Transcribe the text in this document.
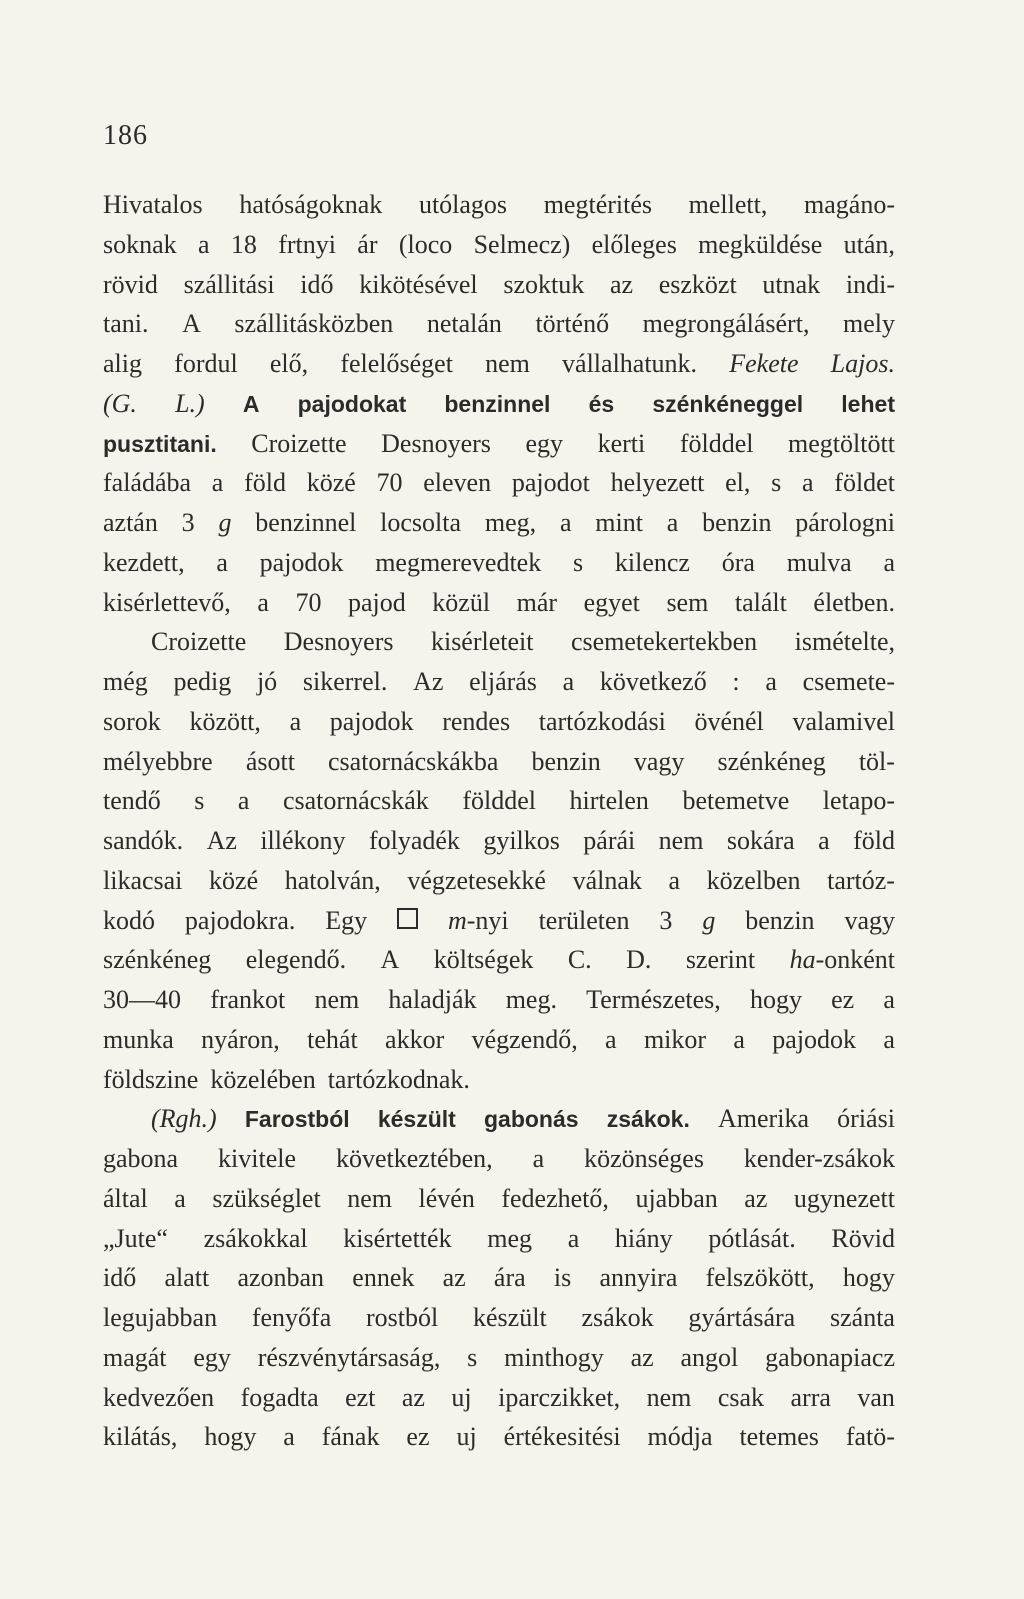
186
Hivatalos hatóságoknak utólagos megtérités mellett, magáno-
soknak a 18 frtnyi ár (loco Selmecz) előleges megküldése után,
rövid szállitási idő kikötésével szoktuk az eszközt utnak indi-
tani. A szállitásközben netalán történő megrongálásért, mely
alig fordul elő, felelőséget nem vállalhatunk. Fekete Lajos.
(G. L.) A pajodokat benzinnel és szénkéneggel lehet
pusztitani. Croizette Desnoyers egy kerti földdel megtöltött
faládába a föld közé 70 eleven pajodot helyezett el, s a földet
aztán 3 g benzinnel locsolta meg, a mint a benzin párologni
kezdett, a pajodok megmerevedtek s kilencz óra mulva a
kisérlettevő, a 70 pajod közül már egyet sem talált életben.
Croizette Desnoyers kisérleteit csemetekertekben ismételte,
még pedig jó sikerrel. Az eljárás a következő : a csemete-
sorok között, a pajodok rendes tartózkodási övénél valamivel
mélyebbre ásott csatornácskákba benzin vagy szénkéneg töl-
tendő s a csatornácskák földdel hirtelen betemetve letapo-
sandók. Az illékony folyadék gyilkos párái nem sokára a föld
likacsai közé hatolván, végzetesekké válnak a közelben tartóz-
kodó pajodokra. Egy	m-nyi területen 3 g benzin vagy
szénkéneg elegendő. A költségek C. D. szerint ha-onként
30—40 frankot nem haladják meg. Természetes, hogy ez a
munka nyáron, tehát akkor végzendő, a mikor a pajodok a
földszine közelében tartózkodnak.
(Rgh.) Farostból készült gabonás zsákok. Amerika óriási
gabona kivitele következtében, a közönséges kender-zsákok
által a szükséglet nem lévén fedezhető, ujabban az ugynezett
„Jute“ zsákokkal kisértették meg a hiány pótlását. Rövid
idő alatt azonban ennek az ára is annyira felszökött, hogy
legujabban fenyőfa rostból készült zsákok gyártására szánta
magát egy részvénytársaság, s minthogy az angol gabonapiacz
kedvezően fogadta ezt az uj iparczikket, nem csak arra van
kilátás, hogy a fának ez uj értékesitési módja tetemes fatö-
